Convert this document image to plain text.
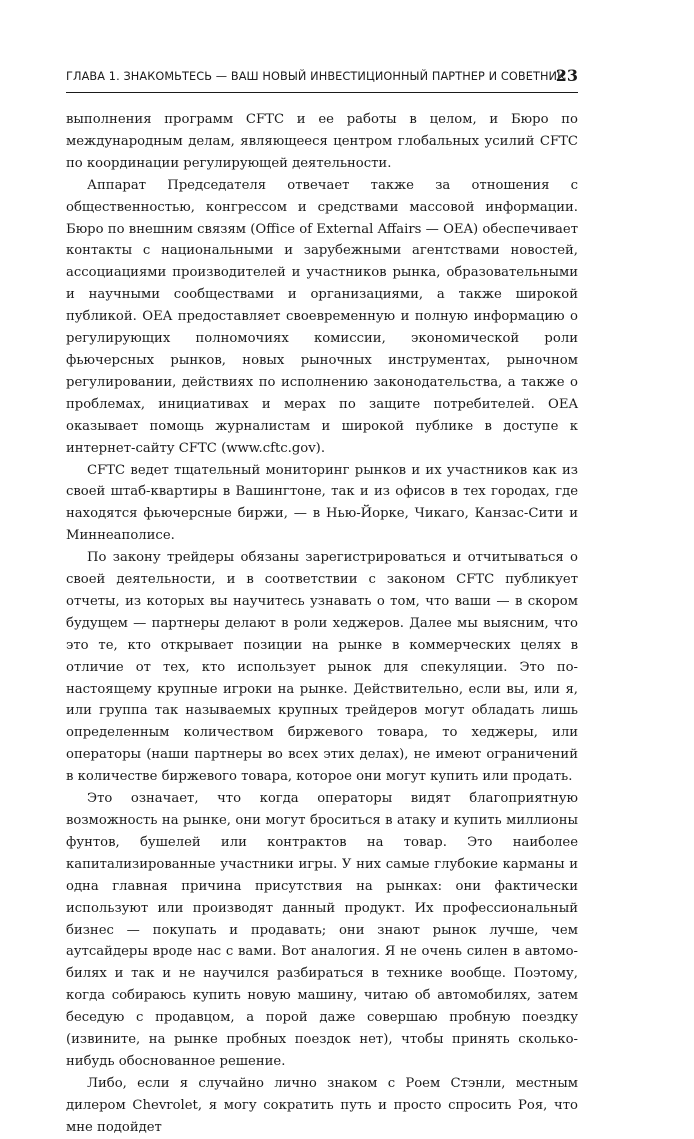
ГЛАВА 1. ЗНАКОМЬТЕСЬ — ВАШ НОВЫЙ ИНВЕСТИЦИОННЫЙ ПАРТНЕР И СОВЕТНИК
23

выполнения программ CFTC и ее работы в целом, и Бюро по международным делам, являющееся центром глобальных усилий CFTC по координации регулирующей деятельности.

Аппарат Председателя отвечает также за отношения с общественностью, конгрессом и средствами массовой информации. Бюро по внешним связям (Office of External Affairs — OEA) обеспечивает контакты с национальными и зарубежными агентствами новостей, ассоциациями производителей и участников рынка, образовательными и научными сообществами и организациями, а также широкой публикой. OEA предоставляет своевременную и полную информацию о регулирующих полномочиях комиссии, экономической роли фьючерсных рынков, новых рыночных инструментах, рыночном регулировании, действиях по исполнению законодательства, а также о проблемах, инициативах и мерах по защите потребителей. OEA оказывает помощь журналистам и широкой публике в доступе к интернет-сайту CFTC (www.cftc.gov).

CFTC ведет тщательный мониторинг рынков и их участников как из своей штаб-квартиры в Вашингтоне, так и из офисов в тех городах, где находятся фьючерсные биржи, — в Нью-Йорке, Чикаго, Канзас-Сити и Миннеаполисе.

По закону трейдеры обязаны зарегистрироваться и отчитываться о своей деятельности, и в соответствии с законом CFTC публикует отчеты, из которых вы научитесь узнавать о том, что ваши — в скором будущем — партнеры делают в роли хеджеров. Далее мы выясним, что это те, кто открывает позиции на рынке в коммерческих целях в отличие от тех, кто использует рынок для спекуляции. Это по-настоящему крупные игроки на рынке. Действительно, если вы, или я, или группа так называемых крупных трейдеров могут обладать лишь определенным количеством биржевого товара, то хеджеры, или операторы (наши партнеры во всех этих делах), не имеют ограничений в количестве биржевого товара, которое они могут купить или продать.

Это означает, что когда операторы видят благоприятную возможность на рынке, они могут броситься в атаку и купить миллионы фунтов, бушелей или контрактов на товар. Это наиболее капитализированные участники игры. У них самые глубокие карманы и одна главная причина присутствия на рынках: они фактически используют или производят данный продукт. Их профессиональный бизнес — покупать и продавать; они знают рынок лучше, чем аутсайдеры вроде нас с вами. Вот аналогия. Я не очень силен в автомобилях и так и не научился разбираться в технике вообще. Поэтому, когда собираюсь купить новую машину, читаю об автомобилях, затем беседую с продавцом, а порой даже совершаю пробную поездку (извините, на рынке пробных поездок нет), чтобы принять сколько-нибудь обоснованное решение.

Либо, если я случайно лично знаком с Роем Стэнли, местным дилером Chevrolet, я могу сократить путь и просто спросить Роя, что мне подойдет
